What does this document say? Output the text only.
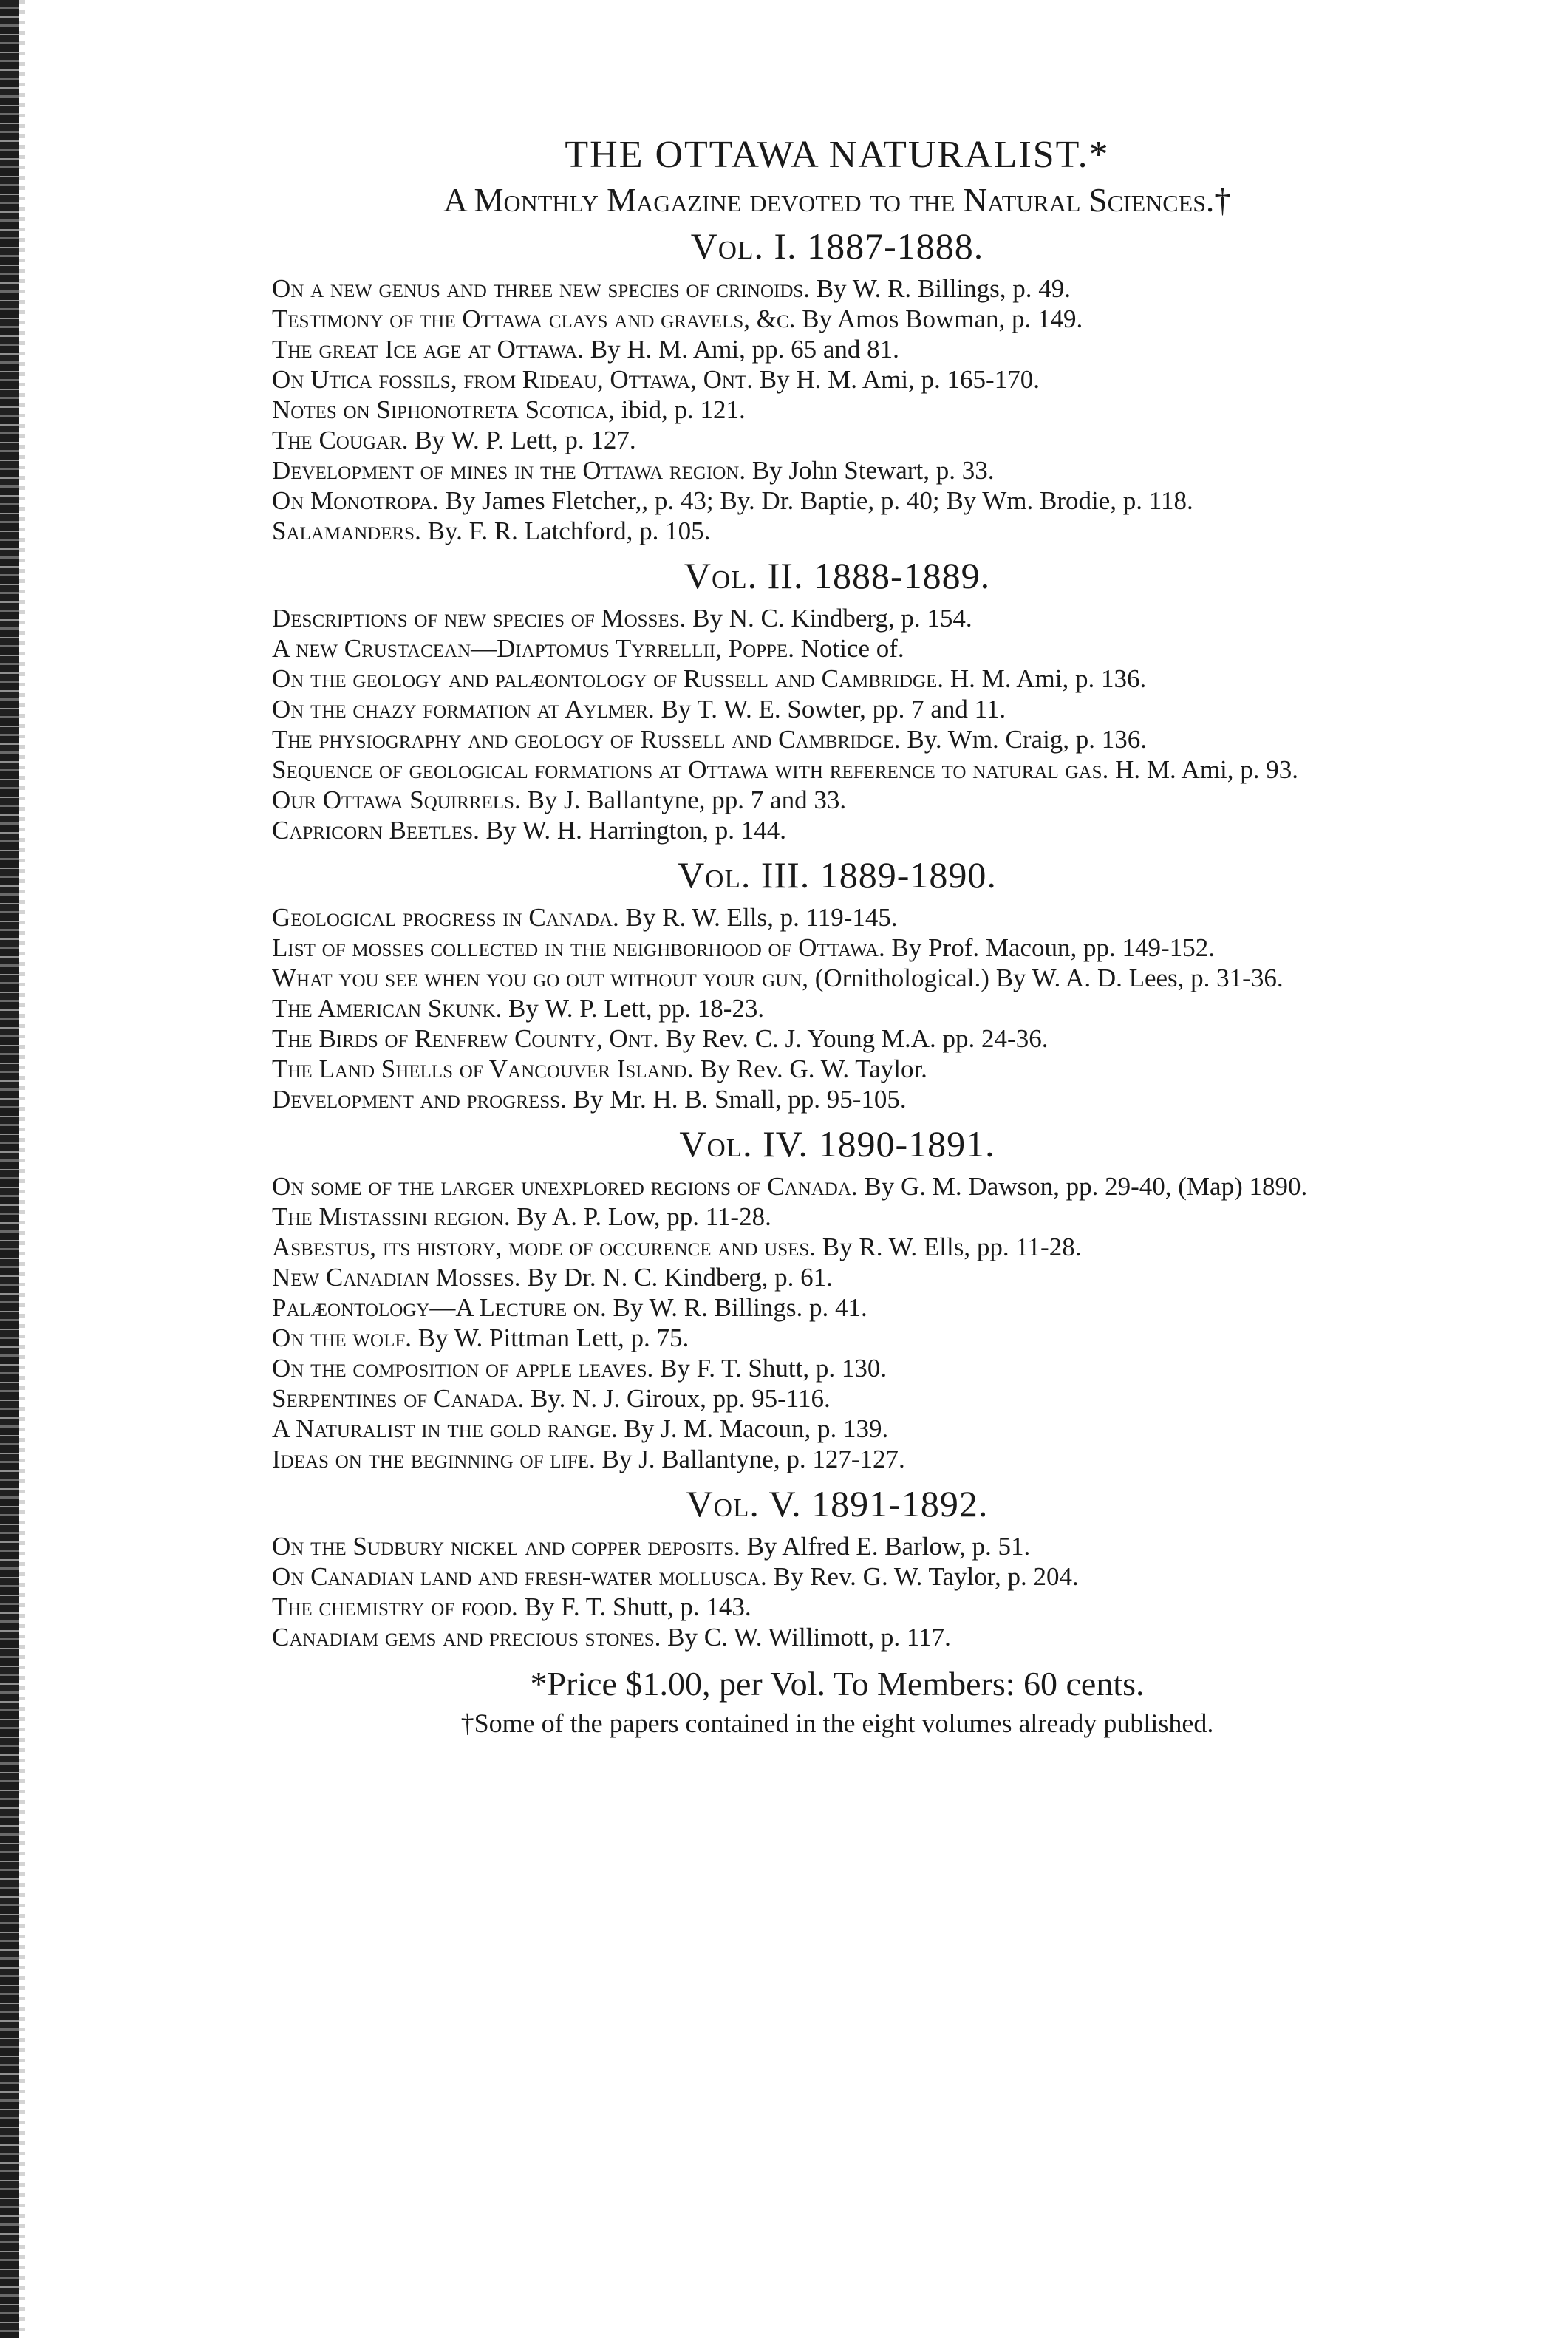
THE OTTAWA NATURALIST.*
A Monthly Magazine devoted to the Natural Sciences.†
Vol. I. 1887-1888.
On a new genus and three new species of crinoids. By W. R. Billings, p. 49.
Testimony of the Ottawa clays and gravels, &c. By Amos Bowman, p. 149.
The great Ice age at Ottawa. By H. M. Ami, pp. 65 and 81.
On Utica fossils, from Rideau, Ottawa, Ont. By H. M. Ami, p. 165-170.
Notes on Siphonotreta Scotica, ibid, p. 121.
The Cougar. By W. P. Lett, p. 127.
Development of mines in the Ottawa region. By John Stewart, p. 33.
On Monotropa. By James Fletcher,, p. 43; By. Dr. Baptie, p. 40; By Wm. Brodie, p. 118.
Salamanders. By. F. R. Latchford, p. 105.
Vol. II. 1888-1889.
Descriptions of new species of Mosses. By N. C. Kindberg, p. 154.
A new Crustacean—Diaptomus Tyrrellii, Poppe. Notice of.
On the geology and palæontology of Russell and Cambridge. H. M. Ami, p. 136.
On the chazy formation at Aylmer. By T. W. E. Sowter, pp. 7 and 11.
The physiography and geology of Russell and Cambridge. By. Wm. Craig, p. 136.
Sequence of geological formations at Ottawa with reference to natural gas. H. M. Ami, p. 93.
Our Ottawa Squirrels. By J. Ballantyne, pp. 7 and 33.
Capricorn Beetles. By W. H. Harrington, p. 144.
Vol. III. 1889-1890.
Geological progress in Canada. By R. W. Ells, p. 119-145.
List of mosses collected in the neighborhood of Ottawa. By Prof. Macoun, pp. 149-152.
What you see when you go out without your gun, (Ornithological.) By W. A. D. Lees, p. 31-36.
The American Skunk. By W. P. Lett, pp. 18-23.
The Birds of Renfrew County, Ont. By Rev. C. J. Young M.A. pp. 24-36.
The Land Shells of Vancouver Island. By Rev. G. W. Taylor.
Development and progress. By Mr. H. B. Small, pp. 95-105.
Vol. IV. 1890-1891.
On some of the larger unexplored regions of Canada. By G. M. Dawson, pp. 29-40, (Map) 1890.
The Mistassini region. By A. P. Low, pp. 11-28.
Asbestus, its history, mode of occurence and uses. By R. W. Ells, pp. 11-28.
New Canadian Mosses. By Dr. N. C. Kindberg, p. 61.
Palæontology—A Lecture on. By W. R. Billings. p. 41.
On the wolf. By W. Pittman Lett, p. 75.
On the composition of apple leaves. By F. T. Shutt, p. 130.
Serpentines of Canada. By. N. J. Giroux, pp. 95-116.
A Naturalist in the gold range. By J. M. Macoun, p. 139.
Ideas on the beginning of life. By J. Ballantyne, p. 127-127.
Vol. V. 1891-1892.
On the Sudbury nickel and copper deposits. By Alfred E. Barlow, p. 51.
On Canadian land and fresh-water mollusca. By Rev. G. W. Taylor, p. 204.
The chemistry of food. By F. T. Shutt, p. 143.
Canadiam gems and precious stones. By C. W. Willimott, p. 117.
*Price $1.00, per Vol. To Members: 60 cents.
†Some of the papers contained in the eight volumes already published.
